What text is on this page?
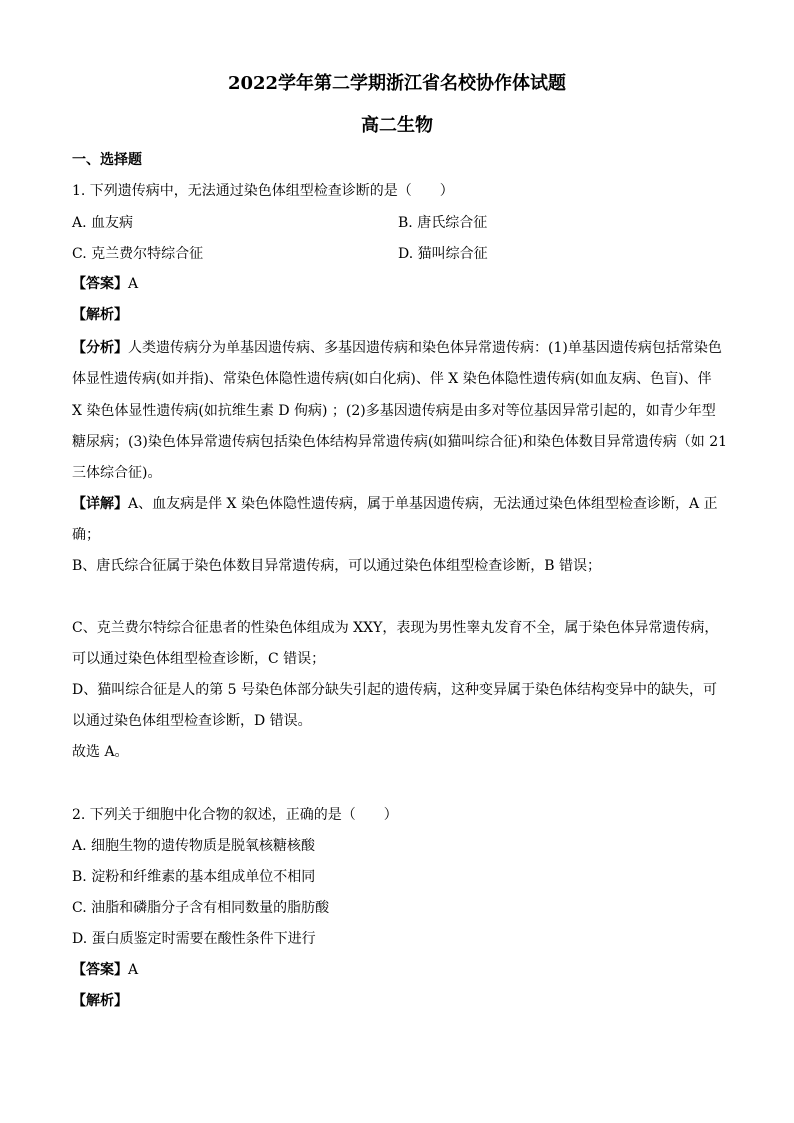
2022学年第二学期浙江省名校协作体试题
高二生物
一、选择题
1. 下列遗传病中，无法通过染色体组型检查诊断的是（　　）
A. 血友病	B. 唐氏综合征
C. 克兰费尔特综合征	D. 猫叫综合征
【答案】A
【解析】
【分析】人类遗传病分为单基因遗传病、多基因遗传病和染色体异常遗传病：(1)单基因遗传病包括常染色
体显性遗传病(如并指)、常染色体隐性遗传病(如白化病)、伴 X 染色体隐性遗传病(如血友病、色盲)、伴
X 染色体显性遗传病(如抗维生素 D 佝病) ；(2)多基因遗传病是由多对等位基因异常引起的，如青少年型
糖尿病；(3)染色体异常遗传病包括染色体结构异常遗传病(如猫叫综合征)和染色体数目异常遗传病（如 21
三体综合征)。
【详解】A、血友病是伴 X 染色体隐性遗传病，属于单基因遗传病，无法通过染色体组型检查诊断，A 正
确；
B、唐氏综合征属于染色体数目异常遗传病，可以通过染色体组型检查诊断，B 错误；
C、克兰费尔特综合征患者的性染色体组成为 XXY，表现为男性睾丸发育不全，属于染色体异常遗传病，
可以通过染色体组型检查诊断，C 错误；
D、猫叫综合征是人的第 5 号染色体部分缺失引起的遗传病，这种变异属于染色体结构变异中的缺失，可
以通过染色体组型检查诊断，D 错误。
故选 A。
2. 下列关于细胞中化合物的叙述，正确的是（　　）
A. 细胞生物的遗传物质是脱氧核糖核酸
B. 淀粉和纤维素的基本组成单位不相同
C. 油脂和磷脂分子含有相同数量的脂肪酸
D. 蛋白质鉴定时需要在酸性条件下进行
【答案】A
【解析】
